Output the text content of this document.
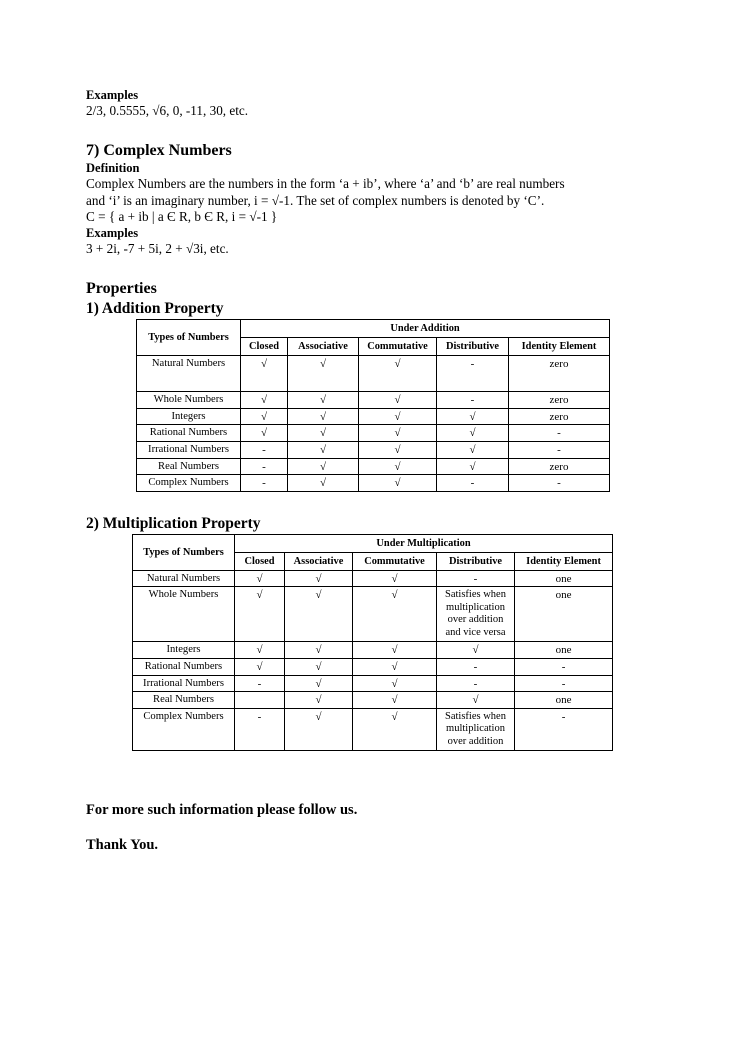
Examples

2/3, 0.5555, √6, 0, -11, 30, etc.

7) Complex Numbers

Definition

Complex Numbers are the numbers in the form ‘a + ib’, where ‘a’ and ‘b’ are real numbers

and ‘i’ is an imaginary number, i = √-1. The set of complex numbers is denoted by ‘C’.

C = { a + ib | a Є R, b Є R, i = √-1 }

Examples

3 + 2i, -7 + 5i, 2 + √3i, etc.

Properties

1) Addition Property

Types of Numbers	Under Addition				
	Closed	Associative	Commutative	Distributive	Identity Element
Natural Numbers	√	√	√	-	zero
Whole Numbers	√	√	√	-	zero
Integers	√	√	√	√	zero
Rational Numbers	√	√	√	√	-
Irrational Numbers	-	√	√	√	-
Real Numbers	-	√	√	√	zero
Complex Numbers	-	√	√	-	-

2) Multiplication Property

Types of Numbers	Under Multiplication				
	Closed	Associative	Commutative	Distributive	Identity Element
Natural Numbers	√	√	√	-	one
Whole Numbers	√	√	√	Satisfies when multiplication over addition and vice versa	one
Integers	√	√	√	√	one
Rational Numbers	√	√	√	-	-
Irrational Numbers	-	√	√	-	-
Real Numbers		√	√	√	one
Complex Numbers	-	√	√	Satisfies when multiplication over addition	-

For more such information please follow us.

Thank You.
